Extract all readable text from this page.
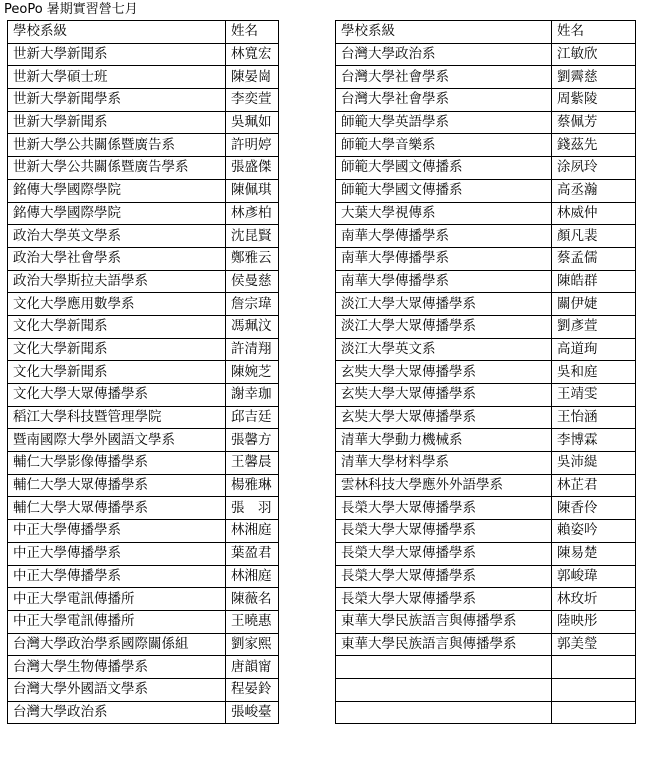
PeoPo 暑期實習營七月
學校系級	姓名
世新大學新聞系	林寬宏
世新大學碩士班	陳晏崗
世新大學新聞學系	李奕萱
世新大學新聞系	吳珮如
世新大學公共關係暨廣告系	許明婷
世新大學公共關係暨廣告學系	張盛傑
銘傳大學國際學院	陳佩琪
銘傳大學國際學院	林彥柏
政治大學英文學系	沈昆賢
政治大學社會學系	鄭雅云
政治大學斯拉夫語學系	侯曼慈
文化大學應用數學系	詹宗瑋
文化大學新聞系	馮珮汶
文化大學新聞系	許清翔
文化大學新聞系	陳婉芝
文化大學大眾傳播學系	謝幸珈
稻江大學科技暨管理學院	邱吉廷
暨南國際大學外國語文學系	張馨方
輔仁大學影像傳播學系	王馨晨
輔仁大學大眾傳播學系	楊雅琳
輔仁大學大眾傳播學系	張　羽
中正大學傳播學系	林湘庭
中正大學傳播學系	葉盈君
中正大學傳播學系	林湘庭
中正大學電訊傳播所	陳薇名
中正大學電訊傳播所	王曉惠
台灣大學政治學系國際關係組	劉家熙
台灣大學生物傳播學系	唐韻甯
台灣大學外國語文學系	程晏鈴
台灣大學政治系	張峻臺
學校系級	姓名
台灣大學政治系	江敏欣
台灣大學社會學系	劉霽慈
台灣大學社會學系	周紫陵
師範大學英語學系	蔡佩芳
師範大學音樂系	錢茲先
師範大學國文傳播系	涂夙玲
師範大學國文傳播系	高丞瀚
大葉大學視傳系	林威仲
南華大學傳播學系	顏凡裴
南華大學傳播學系	蔡孟儒
南華大學傳播學系	陳皓群
淡江大學大眾傳播學系	關伊婕
淡江大學大眾傳播學系	劉彥萱
淡江大學英文系	高道珣
玄奘大學大眾傳播學系	吳和庭
玄奘大學大眾傳播學系	王靖雯
玄奘大學大眾傳播學系	王怡涵
清華大學動力機械系	李博霖
清華大學材料學系	吳沛緹
雲林科技大學應外外語學系	林芷君
長榮大學大眾傳播學系	陳香伶
長榮大學大眾傳播學系	賴姿吟
長榮大學大眾傳播學系	陳易楚
長榮大學大眾傳播學系	郭峻瑋
長榮大學大眾傳播學系	林玫圻
東華大學民族語言與傳播學系	陸映彤
東華大學民族語言與傳播學系	郭美瑩
